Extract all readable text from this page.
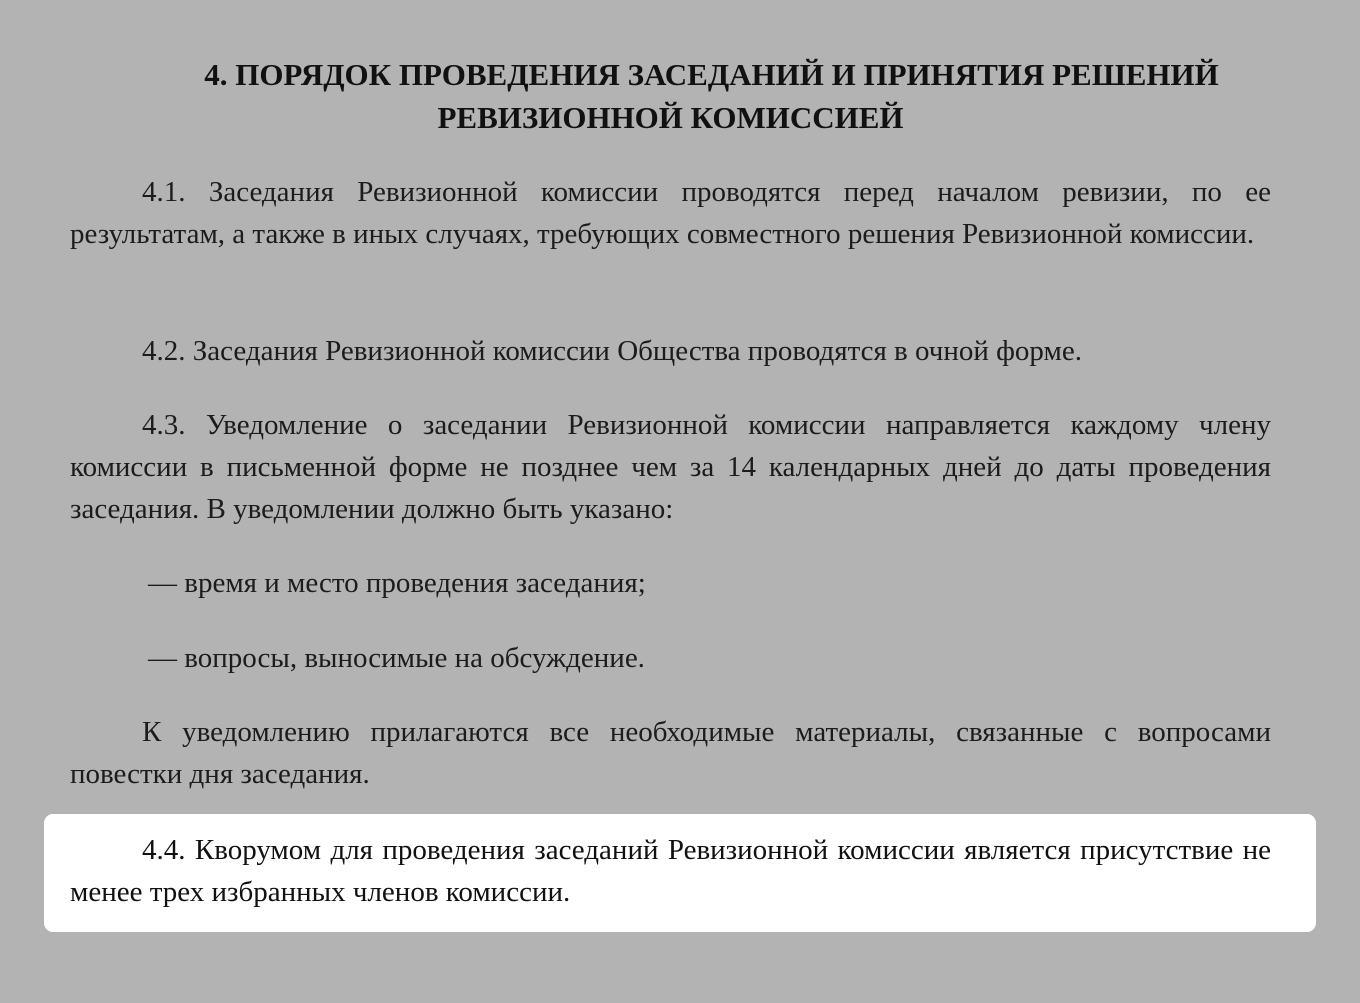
4. ПОРЯДОК ПРОВЕДЕНИЯ ЗАСЕДАНИЙ И ПРИНЯТИЯ РЕШЕНИЙ
РЕВИЗИОННОЙ КОМИССИЕЙ

4.1. Заседания Ревизионной комиссии проводятся перед началом ревизии, по ее результатам, а также в иных случаях, требующих совместного решения Ревизионной комиссии.

4.2. Заседания Ревизионной комиссии Общества проводятся в очной форме.

4.3. Уведомление о заседании Ревизионной комиссии направляется каждому члену комиссии в письменной форме не позднее чем за 14 календарных дней до даты проведения заседания. В уведомлении должно быть указано:

— время и место проведения заседания;
— вопросы, выносимые на обсуждение.

К уведомлению прилагаются все необходимые материалы, связанные с вопросами повестки дня заседания.

4.4. Кворумом для проведения заседаний Ревизионной комиссии является присутствие не менее трех избранных членов комиссии.
